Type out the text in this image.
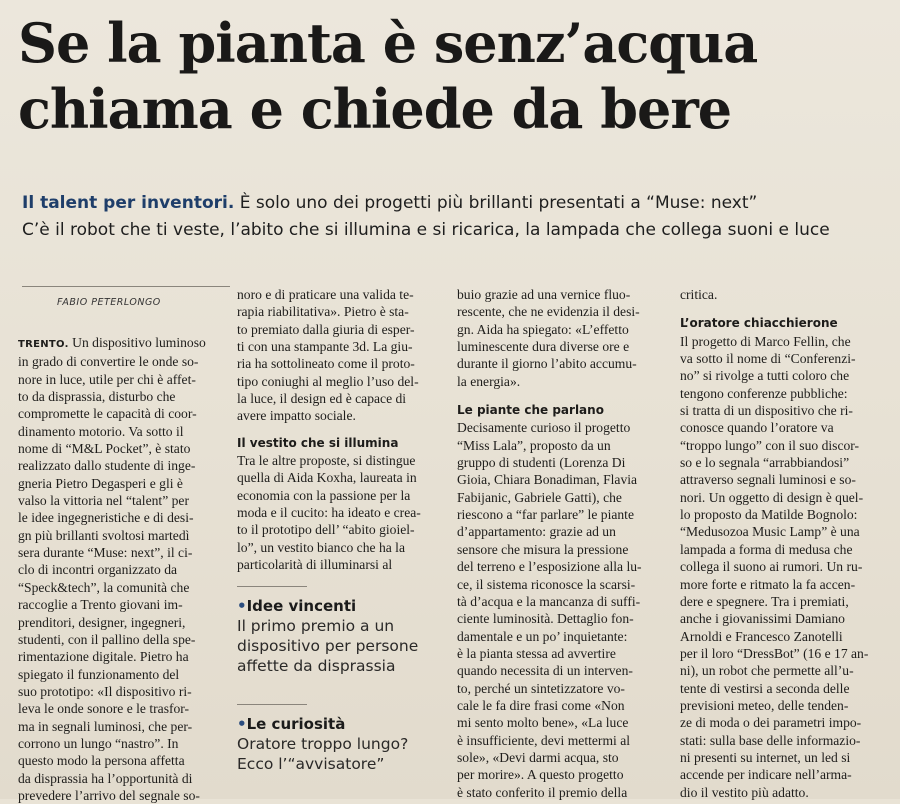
Se la pianta è senz’acqua
chiama e chiede da bere
Il talent per inventori. È solo uno dei progetti più brillanti presentati a “Muse: next”
C’è il robot che ti veste, l’abito che si illumina e si ricarica, la lampada che collega suoni e luce
FABIO PETERLONGO
TRENTO. Un dispositivo luminoso
in grado di convertire le onde so-
nore in luce, utile per chi è affet-
to da disprassia, disturbo che
compromette le capacità di coor-
dinamento motorio. Va sotto il
nome di “M&L Pocket”, è stato
realizzato dallo studente di inge-
gneria Pietro Degasperi e gli è
valso la vittoria nel “talent” per
le idee ingegneristiche e di desi-
gn più brillanti svoltosi martedì
sera durante “Muse: next”, il ci-
clo di incontri organizzato da
“Speck&tech”, la comunità che
raccoglie a Trento giovani im-
prenditori, designer, ingegneri,
studenti, con il pallino della spe-
rimentazione digitale. Pietro ha
spiegato il funzionamento del
suo prototipo: «Il dispositivo ri-
leva le onde sonore e le trasfor-
ma in segnali luminosi, che per-
corrono un lungo “nastro”. In
questo modo la persona affetta
da disprassia ha l’opportunità di
prevedere l’arrivo del segnale so-
noro e di praticare una valida te-
rapia riabilitativa». Pietro è sta-
to premiato dalla giuria di esper-
ti con una stampante 3d. La giu-
ria ha sottolineato come il proto-
tipo coniughi al meglio l’uso del-
la luce, il design ed è capace di
avere impatto sociale.
Il vestito che si illumina
Tra le altre proposte, si distingue
quella di Aida Koxha, laureata in
economia con la passione per la
moda e il cucito: ha ideato e crea-
to il prototipo dell’ “abito gioiel-
lo”, un vestito bianco che ha la
particolarità di illuminarsi al
•Idee vincenti
Il primo premio a un
dispositivo per persone
affette da disprassia
•Le curiosità
Oratore troppo lungo?
Ecco l’“avvisatore”
buio grazie ad una vernice fluo-
rescente, che ne evidenzia il desi-
gn. Aida ha spiegato: «L’effetto
luminescente dura diverse ore e
durante il giorno l’abito accumu-
la energia».
Le piante che parlano
Decisamente curioso il progetto
“Miss Lala”, proposto da un
gruppo di studenti (Lorenza Di
Gioia, Chiara Bonadiman, Flavia
Fabijanic, Gabriele Gatti), che
riescono a “far parlare” le piante
d’appartamento: grazie ad un
sensore che misura la pressione
del terreno e l’esposizione alla lu-
ce, il sistema riconosce la scarsi-
tà d’acqua e la mancanza di suffi-
ciente luminosità. Dettaglio fon-
damentale e un po’ inquietante:
è la pianta stessa ad avvertire
quando necessita di un interven-
to, perché un sintetizzatore vo-
cale le fa dire frasi come «Non
mi sento molto bene», «La luce
è insufficiente, devi mettermi al
sole», «Devi darmi acqua, sto
per morire». A questo progetto
è stato conferito il premio della
critica.
L’oratore chiacchierone
Il progetto di Marco Fellin, che
va sotto il nome di “Conferenzi-
no” si rivolge a tutti coloro che
tengono conferenze pubbliche:
si tratta di un dispositivo che ri-
conosce quando l’oratore va
“troppo lungo” con il suo discor-
so e lo segnala “arrabbiandosi”
attraverso segnali luminosi e so-
nori. Un oggetto di design è quel-
lo proposto da Matilde Bognolo:
“Medusozoa Music Lamp” è una
lampada a forma di medusa che
collega il suono ai rumori. Un ru-
more forte e ritmato la fa accen-
dere e spegnere. Tra i premiati,
anche i giovanissimi Damiano
Arnoldi e Francesco Zanotelli
per il loro “DressBot” (16 e 17 an-
ni), un robot che permette all’u-
tente di vestirsi a seconda delle
previsioni meteo, delle tenden-
ze di moda o dei parametri impo-
stati: sulla base delle informazio-
ni presenti su internet, un led si
accende per indicare nell’arma-
dio il vestito più adatto.
